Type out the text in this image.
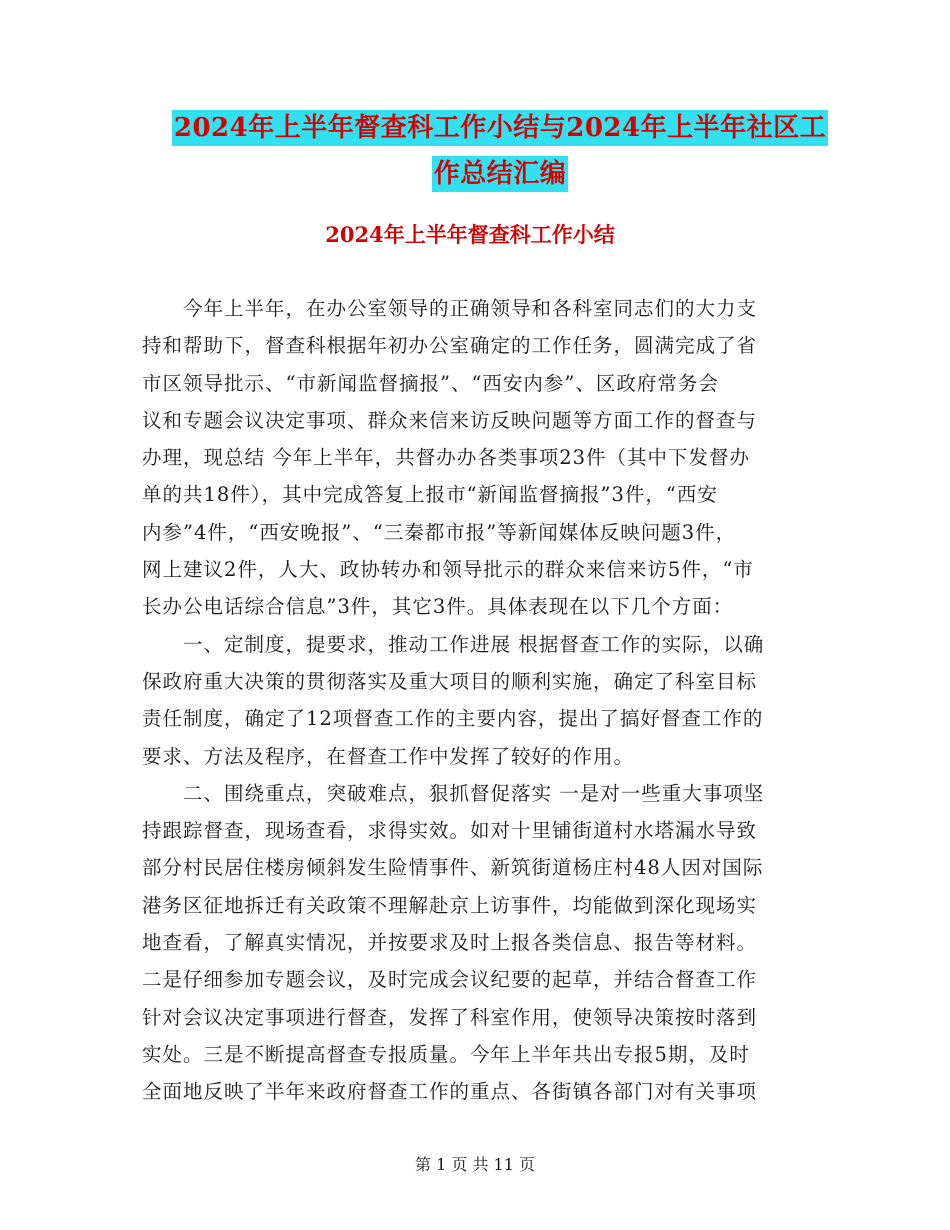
2024年上半年督查科工作小结与2024年上半年社区工
作总结汇编
2024年上半年督查科工作小结
今年上半年，在办公室领导的正确领导和各科室同志们的大力支
持和帮助下，督查科根据年初办公室确定的工作任务，圆满完成了省
市区领导批示、“市新闻监督摘报”、“西安内参”、区政府常务会
议和专题会议决定事项、群众来信来访反映问题等方面工作的督查与
办理，现总结 今年上半年，共督办办各类事项23件（其中下发督办
单的共18件），其中完成答复上报市“新闻监督摘报”3件，“西安
内参”4件，“西安晚报”、“三秦都市报”等新闻媒体反映问题3件，
网上建议2件，人大、政协转办和领导批示的群众来信来访5件，“市
长办公电话综合信息”3件，其它3件。具体表现在以下几个方面：
一、定制度，提要求，推动工作进展 根据督查工作的实际，以确
保政府重大决策的贯彻落实及重大项目的顺利实施，确定了科室目标
责任制度，确定了12项督查工作的主要内容，提出了搞好督查工作的
要求、方法及程序，在督查工作中发挥了较好的作用。
二、围绕重点，突破难点，狠抓督促落实 一是对一些重大事项坚
持跟踪督查，现场查看，求得实效。如对十里铺街道村水塔漏水导致
部分村民居住楼房倾斜发生险情事件、新筑街道杨庄村48人因对国际
港务区征地拆迁有关政策不理解赴京上访事件，均能做到深化现场实
地查看，了解真实情况，并按要求及时上报各类信息、报告等材料。
二是仔细参加专题会议，及时完成会议纪要的起草，并结合督查工作
针对会议决定事项进行督查，发挥了科室作用，使领导决策按时落到
实处。三是不断提高督查专报质量。今年上半年共出专报5期，及时
全面地反映了半年来政府督查工作的重点、各街镇各部门对有关事项
第 1 页 共 11 页
